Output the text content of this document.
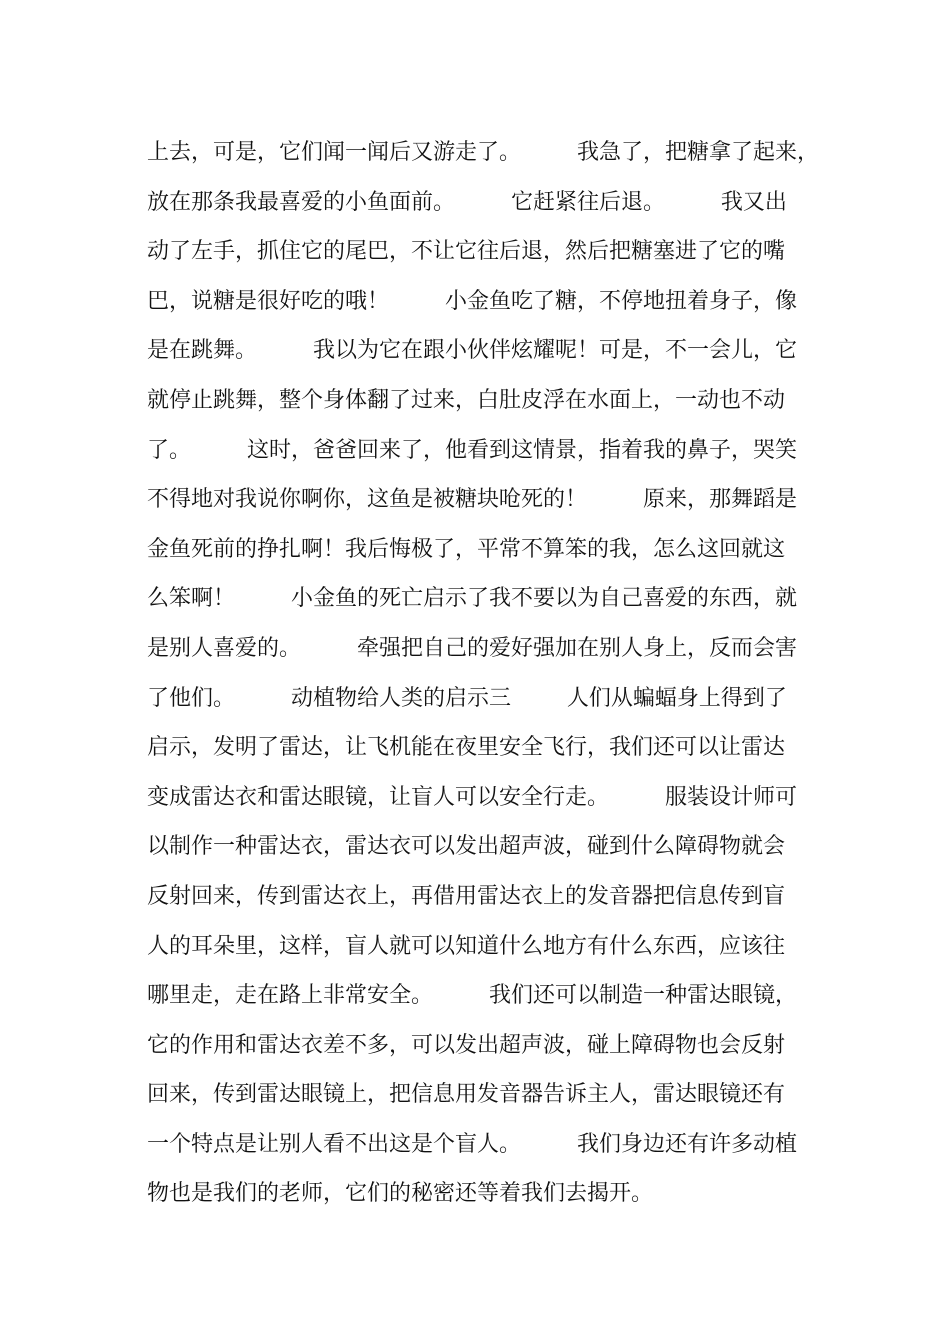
上去，可是，它们闻一闻后又游走了。        我急了，把糖拿了起来，
放在那条我最喜爱的小鱼面前。        它赶紧往后退。        我又出
动了左手，抓住它的尾巴，不让它往后退，然后把糖塞进了它的嘴
巴，说糖是很好吃的哦！        小金鱼吃了糖，不停地扭着身子，像
是在跳舞。        我以为它在跟小伙伴炫耀呢！可是，不一会儿，它
就停止跳舞，整个身体翻了过来，白肚皮浮在水面上，一动也不动
了。        这时，爸爸回来了，他看到这情景，指着我的鼻子，哭笑
不得地对我说你啊你，这鱼是被糖块呛死的！        原来，那舞蹈是
金鱼死前的挣扎啊！我后悔极了，平常不算笨的我，怎么这回就这
么笨啊！        小金鱼的死亡启示了我不要以为自己喜爱的东西，就
是别人喜爱的。        牵强把自己的爱好强加在别人身上，反而会害
了他们。        动植物给人类的启示三        人们从蝙蝠身上得到了
启示，发明了雷达，让飞机能在夜里安全飞行，我们还可以让雷达
变成雷达衣和雷达眼镜，让盲人可以安全行走。        服装设计师可
以制作一种雷达衣，雷达衣可以发出超声波，碰到什么障碍物就会
反射回来，传到雷达衣上，再借用雷达衣上的发音器把信息传到盲
人的耳朵里，这样，盲人就可以知道什么地方有什么东西，应该往
哪里走，走在路上非常安全。        我们还可以制造一种雷达眼镜，
它的作用和雷达衣差不多，可以发出超声波，碰上障碍物也会反射
回来，传到雷达眼镜上，把信息用发音器告诉主人，雷达眼镜还有
一个特点是让别人看不出这是个盲人。        我们身边还有许多动植
物也是我们的老师，它们的秘密还等着我们去揭开。
